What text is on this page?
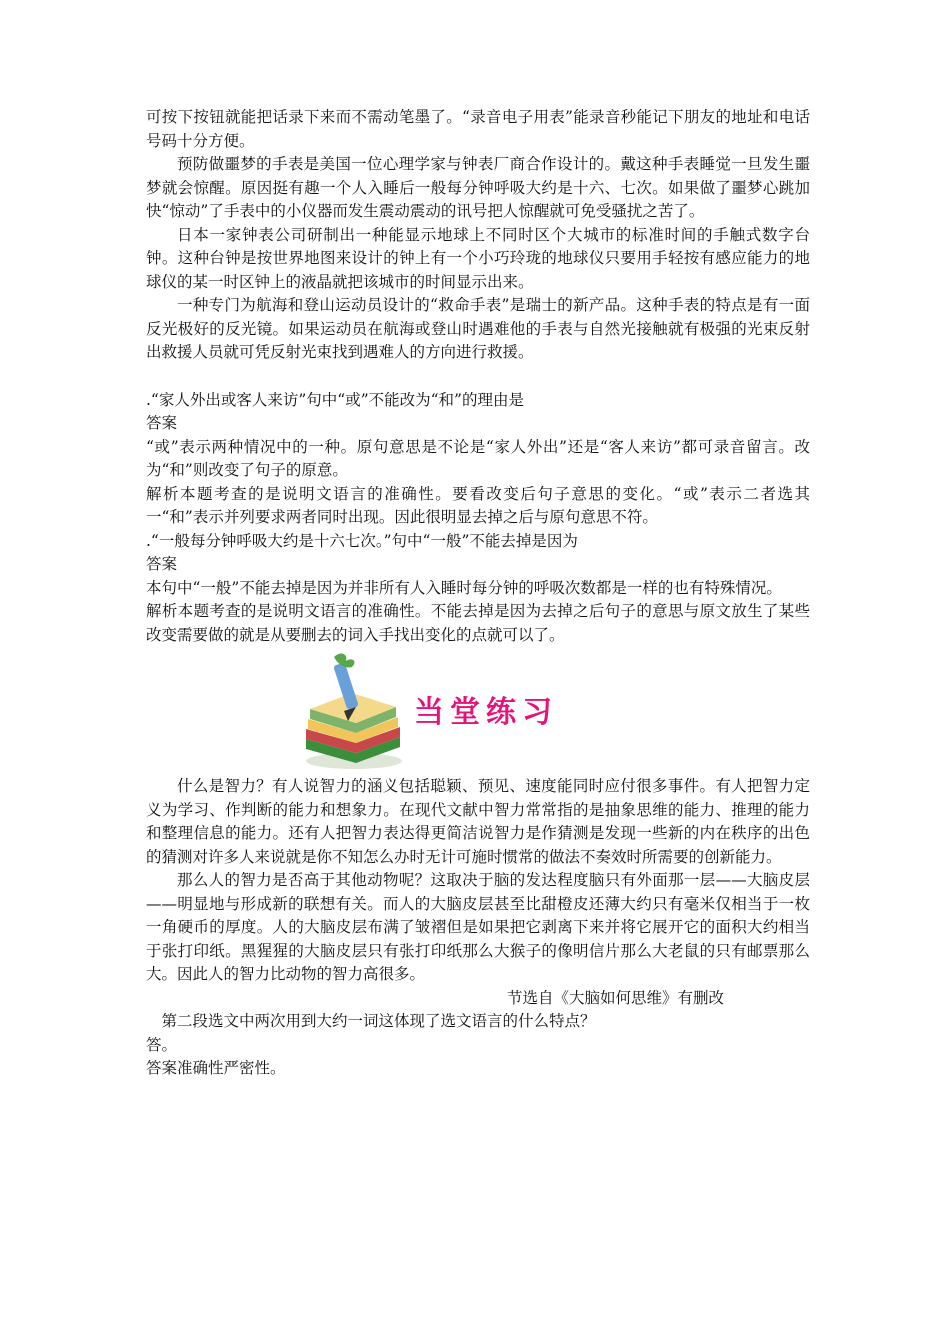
可按下按钮就能把话录下来而不需动笔墨了。“录音电子用表”能录音秒能记下朋友的地址和电话号码十分方便。

预防做噩梦的手表是美国一位心理学家与钟表厂商合作设计的。戴这种手表睡觉一旦发生噩梦就会惊醒。原因挺有趣一个人入睡后一般每分钟呼吸大约是十六、七次。如果做了噩梦心跳加快“惊动”了手表中的小仪器而发生震动震动的讯号把人惊醒就可免受骚扰之苦了。

日本一家钟表公司研制出一种能显示地球上不同时区个大城市的标准时间的手触式数字台钟。这种台钟是按世界地图来设计的钟上有一个小巧玲珑的地球仪只要用手轻按有感应能力的地球仪的某一时区钟上的液晶就把该城市的时间显示出来。

一种专门为航海和登山运动员设计的“救命手表”是瑞士的新产品。这种手表的特点是有一面反光极好的反光镜。如果运动员在航海或登山时遇难他的手表与自然光接触就有极强的光束反射出救援人员就可凭反射光束找到遇难人的方向进行救援。

.“家人外出或客人来访”句中“或”不能改为“和”的理由是

答案

“或”表示两种情况中的一种。原句意思是不论是“家人外出”还是“客人来访”都可录音留言。改为“和”则改变了句子的原意。

解析本题考查的是说明文语言的准确性。要看改变后句子意思的变化。“或”表示二者选其一“和”表示并列要求两者同时出现。因此很明显去掉之后与原句意思不符。

.“一般每分钟呼吸大约是十六七次。”句中“一般”不能去掉是因为

答案

本句中“一般”不能去掉是因为并非所有人入睡时每分钟的呼吸次数都是一样的也有特殊情况。

解析本题考查的是说明文语言的准确性。不能去掉是因为去掉之后句子的意思与原文放生了某些改变需要做的就是从要删去的词入手找出变化的点就可以了。

当堂练习

什么是智力？有人说智力的涵义包括聪颖、预见、速度能同时应付很多事件。有人把智力定义为学习、作判断的能力和想象力。在现代文献中智力常常指的是抽象思维的能力、推理的能力和整理信息的能力。还有人把智力表达得更简洁说智力是作猜测是发现一些新的内在秩序的出色的猜测对许多人来说就是你不知怎么办时无计可施时惯常的做法不奏效时所需要的创新能力。

那么人的智力是否高于其他动物呢？这取决于脑的发达程度脑只有外面那一层——大脑皮层——明显地与形成新的联想有关。而人的大脑皮层甚至比甜橙皮还薄大约只有毫米仅相当于一枚一角硬币的厚度。人的大脑皮层布满了皱褶但是如果把它剥离下来并将它展开它的面积大约相当于张打印纸。黑猩猩的大脑皮层只有张打印纸那么大猴子的像明信片那么大老鼠的只有邮票那么大。因此人的智力比动物的智力高很多。

节选自《大脑如何思维》有删改

第二段选文中两次用到大约一词这体现了选文语言的什么特点？

答。

答案准确性严密性。
